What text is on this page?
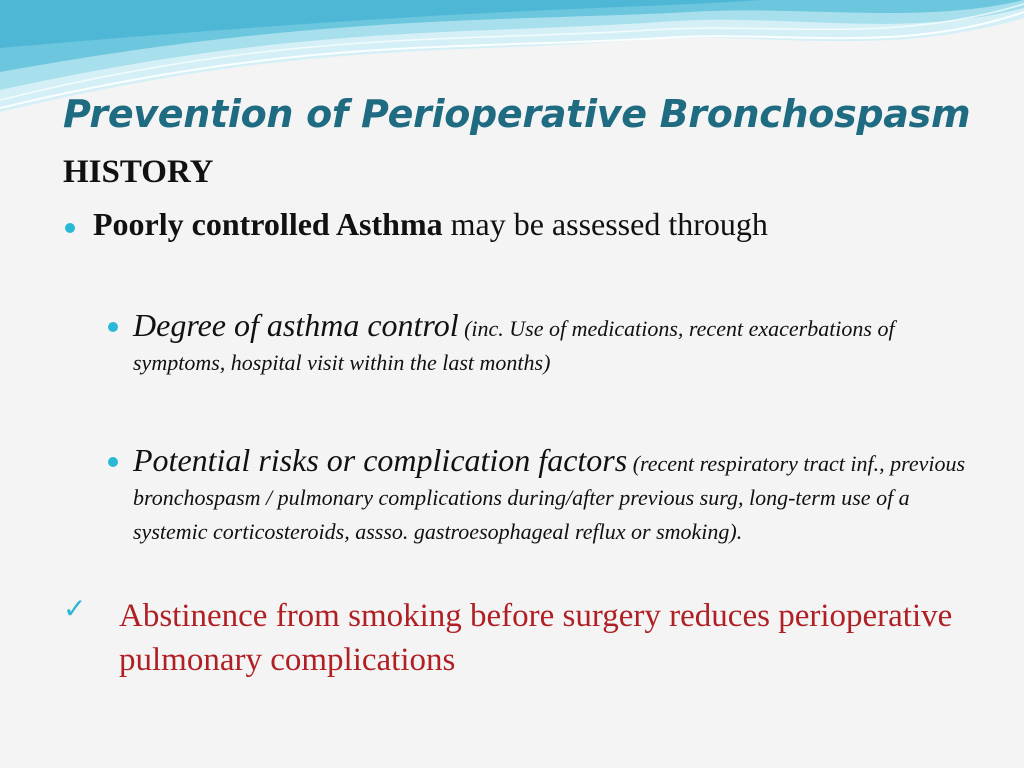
Prevention of Perioperative Bronchospasm
HISTORY
Poorly controlled Asthma may be assessed through
Degree of asthma control (inc. Use of medications, recent exacerbations of symptoms, hospital visit within the last months)
Potential risks or complication factors (recent respiratory tract inf., previous bronchospasm / pulmonary complications during/after previous surg, long-term use of a systemic corticosteroids, assso. gastroesophageal reflux or smoking).
✓ Abstinence from smoking before surgery reduces perioperative pulmonary complications
